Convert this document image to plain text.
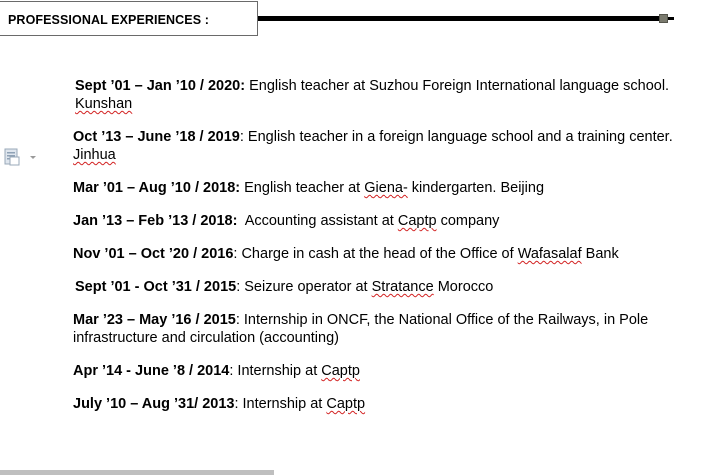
PROFESSIONAL EXPERIENCES :

Sept ’01 – Jan ’10 / 2020: English teacher at Suzhou Foreign International language school. Kunshan

Oct ’13 – June ’18 / 2019: English teacher in a foreign language school and a training center. Jinhua

Mar ’01 – Aug ’10 / 2018: English teacher at Giena- kindergarten. Beijing

Jan ’13 – Feb ’13 / 2018:  Accounting assistant at Captp company

Nov ’01 – Oct ’20 / 2016: Charge in cash at the head of the Office of Wafasalaf Bank

Sept ’01 - Oct ’31 / 2015: Seizure operator at Stratance Morocco

Mar ’23 – May ’16 / 2015: Internship in ONCF, the National Office of the Railways, in Pole infrastructure and circulation (accounting)

Apr ’14 - June ’8 / 2014: Internship at Captp

July ’10 – Aug ’31/ 2013: Internship at Captp
